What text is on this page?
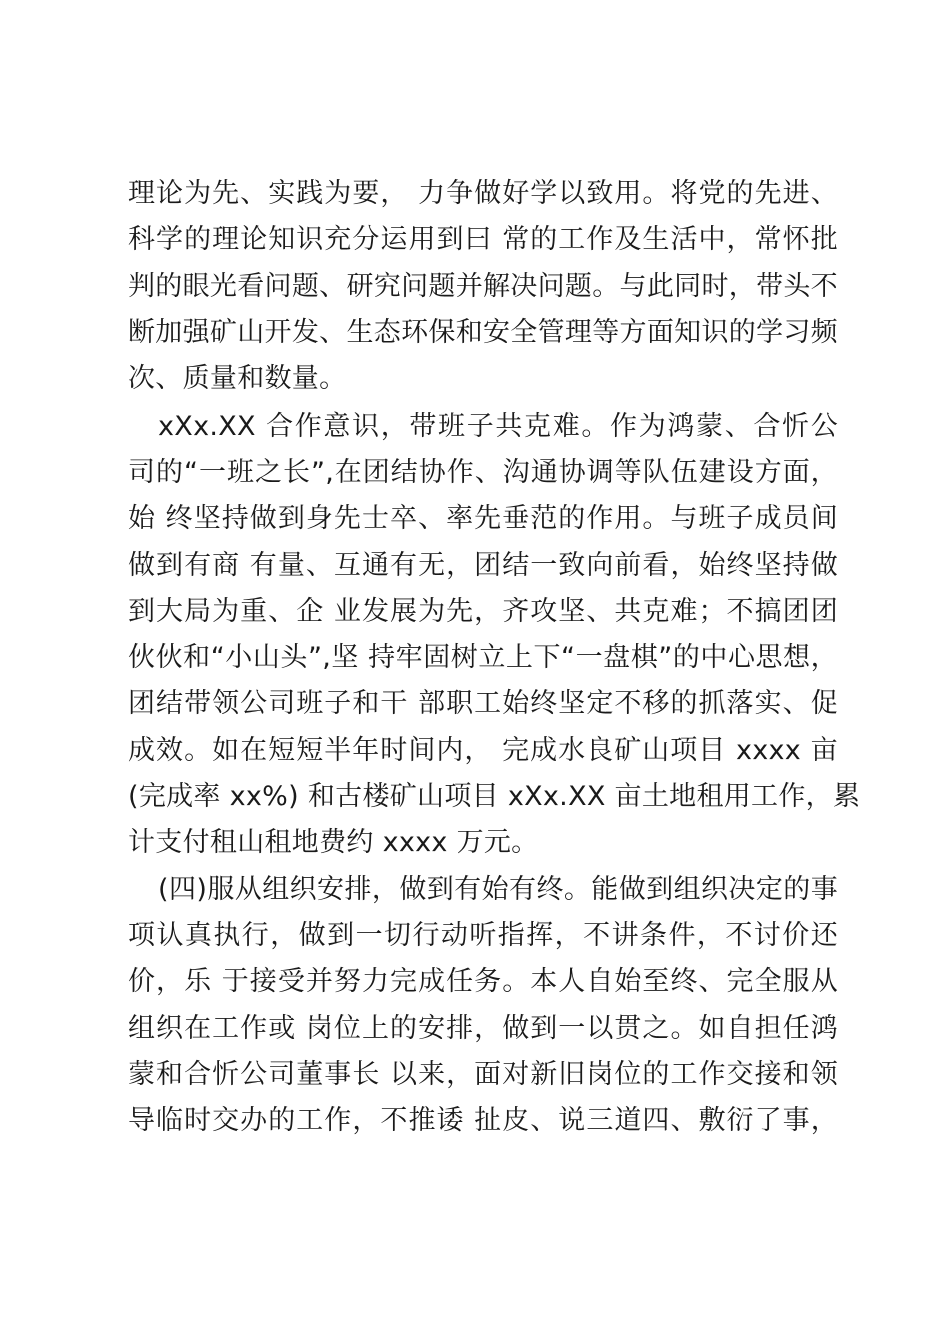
理论为先、实践为要， 力争做好学以致用。将党的先进、
科学的理论知识充分运用到曰 常的工作及生活中，常怀批
判的眼光看问题、研究问题并解决问题。与此同时，带头不
断加强矿山开发、生态环保和安全管理等方面知识的学习频
次、质量和数量。
xXx.XX 合作意识，带班子共克难。作为鸿蒙、合忻公
司的“一班之长”,在团结协作、沟通协调等队伍建设方面，
始 终坚持做到身先士卒、率先垂范的作用。与班子成员间
做到有商 有量、互通有无，团结一致向前看，始终坚持做
到大局为重、企 业发展为先，齐攻坚、共克难；不搞团团
伙伙和“小山头”,坚 持牢固树立上下“一盘棋”的中心思想，
团结带领公司班子和干 部职工始终坚定不移的抓落实、促
成效。如在短短半年时间内， 完成水良矿山项目 xxxx 亩
(完成率 xx%) 和古楼矿山项目 xXx.XX 亩土地租用工作，累
计支付租山租地费约 xxxx 万元。
(四)服从组织安排，做到有始有终。能做到组织决定的事
项认真执行，做到一切行动听指挥，不讲条件，不讨价还
价，乐 于接受并努力完成任务。本人自始至终、完全服从
组织在工作或 岗位上的安排，做到一以贯之。如自担任鸿
蒙和合忻公司董事长 以来，面对新旧岗位的工作交接和领
导临时交办的工作，不推诿 扯皮、说三道四、敷衍了事，
